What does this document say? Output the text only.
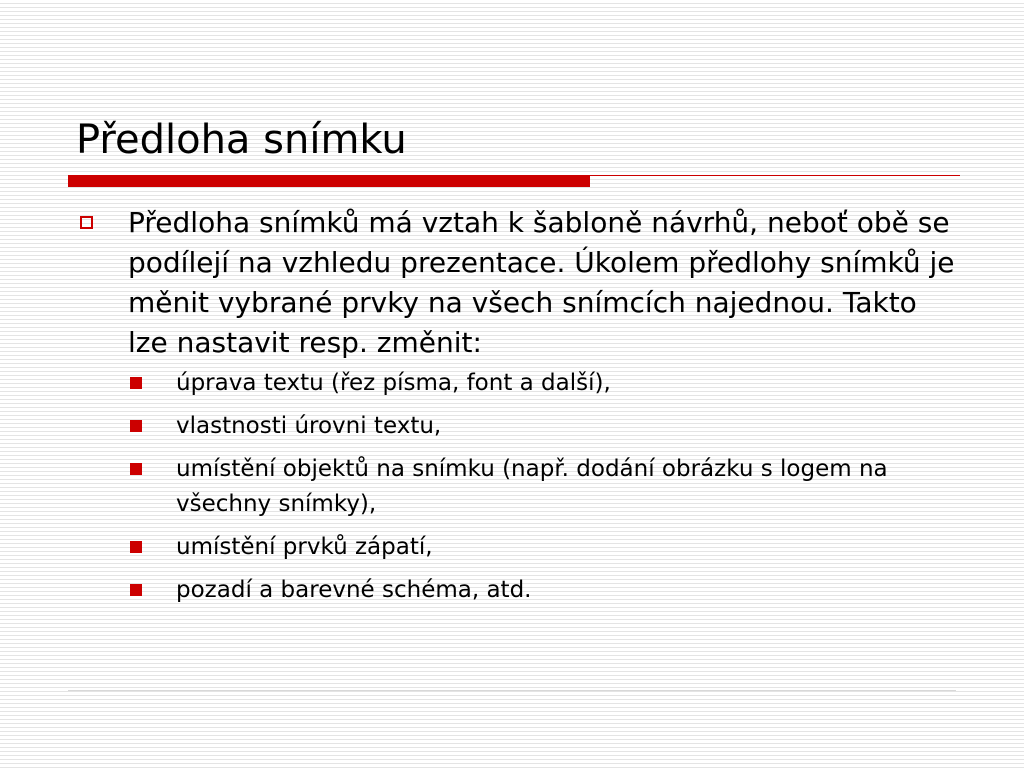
Předloha snímku
Předloha snímků má vztah k šabloně návrhů, neboť obě se podílejí na vzhledu prezentace. Úkolem předlohy snímků je měnit vybrané prvky na všech snímcích najednou. Takto lze nastavit resp. změnit:
úprava textu (řez písma, font a další),
vlastnosti úrovni textu,
umístění objektů na snímku (např. dodání obrázku s logem na všechny snímky),
umístění prvků zápatí,
pozadí a barevné schéma, atd.
